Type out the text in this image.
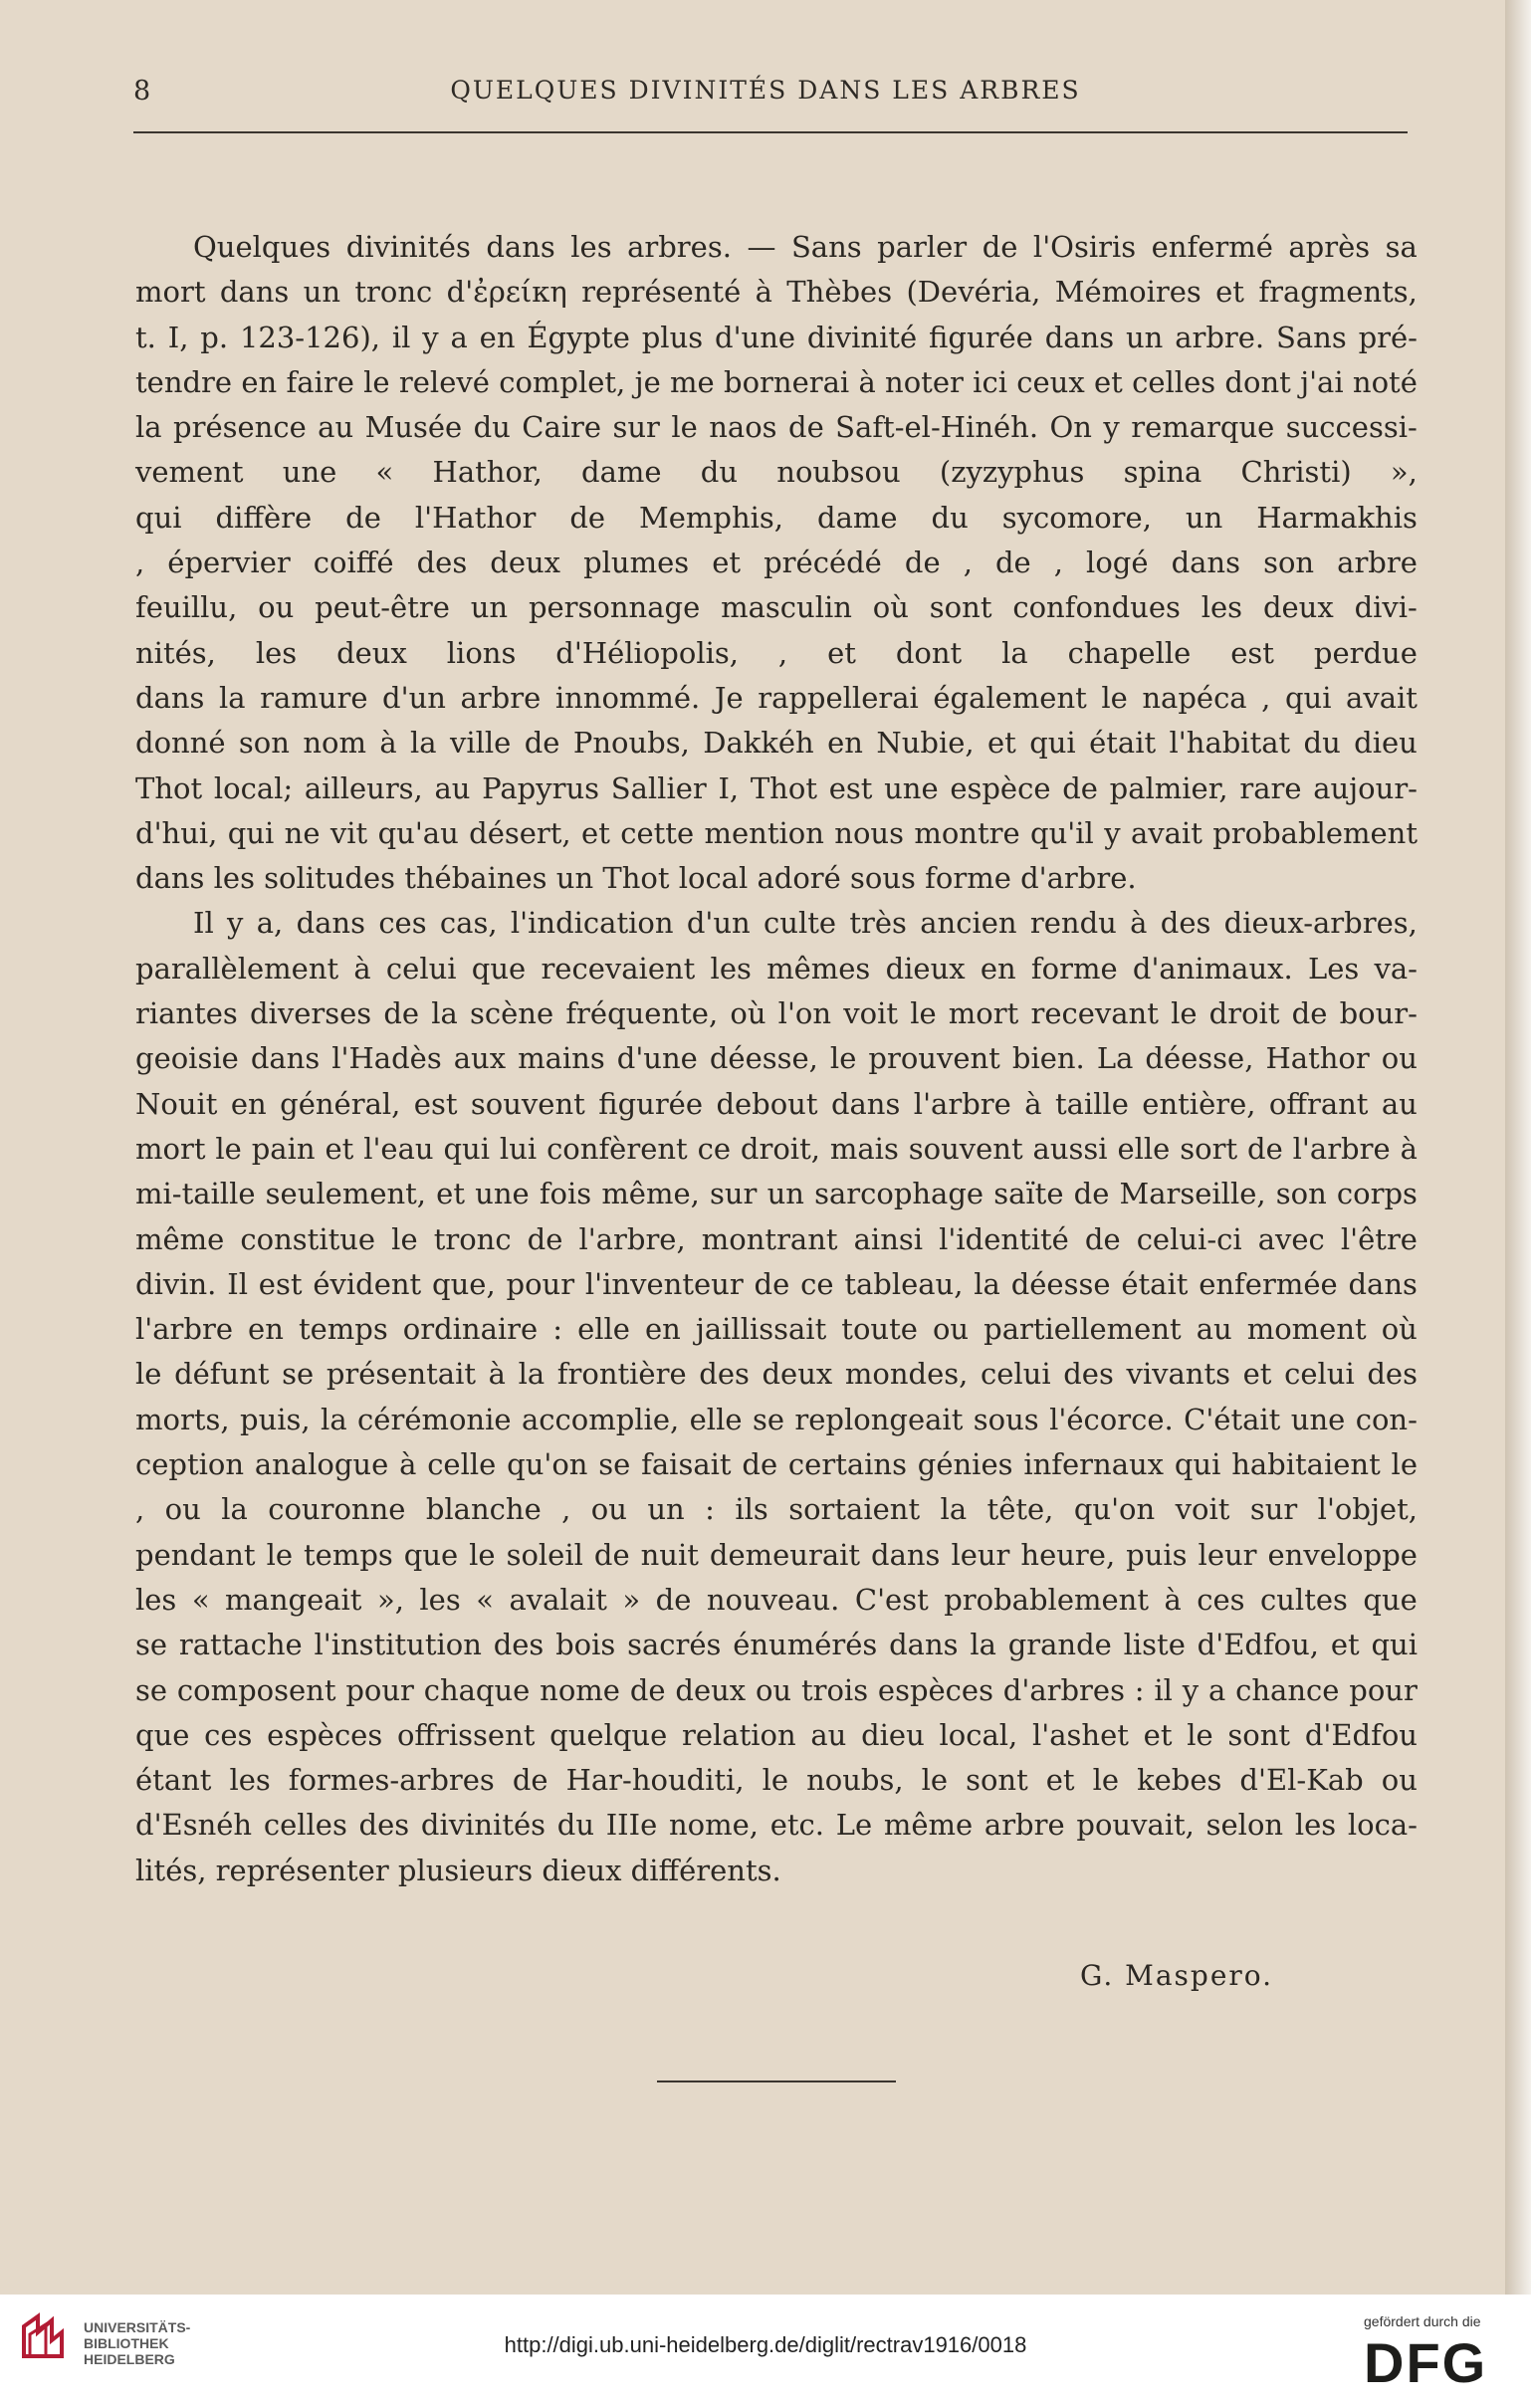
8	QUELQUES DIVINITÉS DANS LES ARBRES
Quelques divinités dans les arbres. — Sans parler de l'Osiris enfermé après sa
mort dans un tronc d'ἐρείκη représenté à Thèbes (Devéria, Mémoires et fragments,
t. I, p. 123-126), il y a en Égypte plus d'une divinité figurée dans un arbre. Sans pré-
tendre en faire le relevé complet, je me bornerai à noter ici ceux et celles dont j'ai noté
la présence au Musée du Caire sur le naos de Saft-el-Hinéh. On y remarque successi-
vement une « Hathor, dame du noubsou (zyzyphus spina Christi) »,
qui diffère de l'Hathor de Memphis, dame du sycomore, un Harmakhis
, épervier coiffé des deux plumes et précédé de , de , logé dans son arbre
feuillu, ou peut-être un personnage masculin où sont confondues les deux divi-
nités, les deux lions d'Héliopolis, , et dont la chapelle est perdue
dans la ramure d'un arbre innommé. Je rappellerai également le napéca , qui avait
donné son nom à la ville de Pnoubs, Dakkéh en Nubie, et qui était l'habitat du dieu
Thot local; ailleurs, au Papyrus Sallier I, Thot est une espèce de palmier, rare aujour-
d'hui, qui ne vit qu'au désert, et cette mention nous montre qu'il y avait probablement
dans les solitudes thébaines un Thot local adoré sous forme d'arbre.
Il y a, dans ces cas, l'indication d'un culte très ancien rendu à des dieux-arbres,
parallèlement à celui que recevaient les mêmes dieux en forme d'animaux. Les va-
riantes diverses de la scène fréquente, où l'on voit le mort recevant le droit de bour-
geoisie dans l'Hadès aux mains d'une déesse, le prouvent bien. La déesse, Hathor ou
Nouit en général, est souvent figurée debout dans l'arbre à taille entière, offrant au
mort le pain et l'eau qui lui confèrent ce droit, mais souvent aussi elle sort de l'arbre à
mi-taille seulement, et une fois même, sur un sarcophage saïte de Marseille, son corps
même constitue le tronc de l'arbre, montrant ainsi l'identité de celui-ci avec l'être
divin. Il est évident que, pour l'inventeur de ce tableau, la déesse était enfermée dans
l'arbre en temps ordinaire : elle en jaillissait toute ou partiellement au moment où
le défunt se présentait à la frontière des deux mondes, celui des vivants et celui des
morts, puis, la cérémonie accomplie, elle se replongeait sous l'écorce. C'était une con-
ception analogue à celle qu'on se faisait de certains génies infernaux qui habitaient le
, ou la couronne blanche , ou un : ils sortaient la tête, qu'on voit sur l'objet,
pendant le temps que le soleil de nuit demeurait dans leur heure, puis leur enveloppe
les « mangeait », les « avalait » de nouveau. C'est probablement à ces cultes que
se rattache l'institution des bois sacrés énumérés dans la grande liste d'Edfou, et qui
se composent pour chaque nome de deux ou trois espèces d'arbres : il y a chance pour
que ces espèces offrissent quelque relation au dieu local, l'ashet et le sont d'Edfou
étant les formes-arbres de Har-houditi, le noubs, le sont et le kebes d'El-Kab ou
d'Esnéh celles des divinités du IIIe nome, etc. Le même arbre pouvait, selon les loca-
lités, représenter plusieurs dieux différents.
G. Maspero.
UNIVERSITÄTS-
BIBLIOTHEK
HEIDELBERG
http://digi.ub.uni-heidelberg.de/diglit/rectrav1916/0018
gefördert durch die
DFG
